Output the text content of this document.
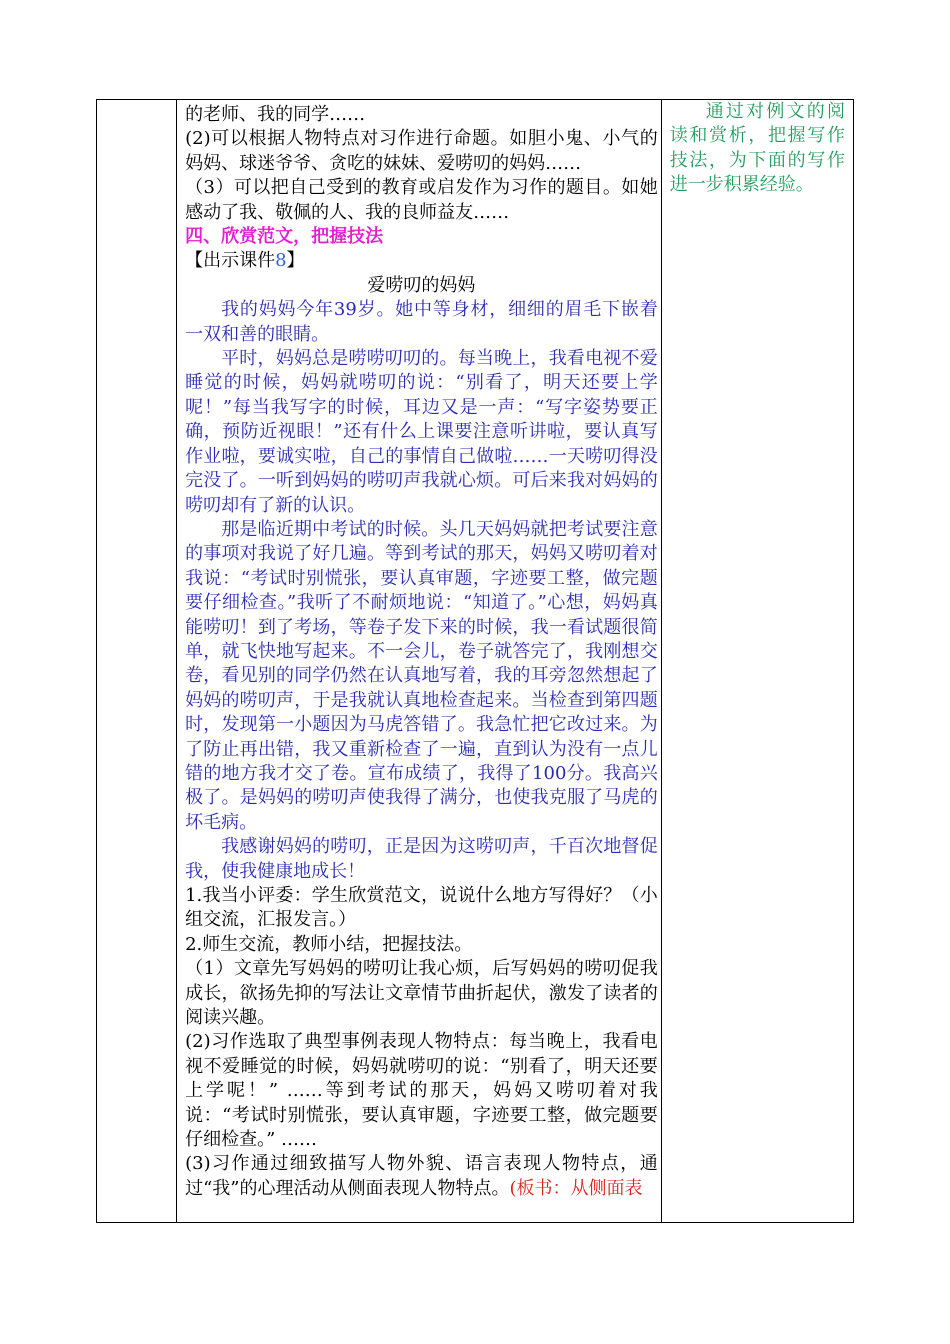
的老师、我的同学……

(2)可以根据人物特点对习作进行命题。如胆小鬼、小气的妈妈、球迷爷爷、贪吃的妹妹、爱唠叨的妈妈……

（3）可以把自己受到的教育或启发作为习作的题目。如她感动了我、敬佩的人、我的良师益友……

四、欣赏范文，把握技法

【出示课件8】

爱唠叨的妈妈

我的妈妈今年39岁。她中等身材，细细的眉毛下嵌着一双和善的眼睛。

平时，妈妈总是唠唠叨叨的。每当晚上，我看电视不爱睡觉的时候，妈妈就唠叨的说：“别看了，明天还要上学呢！”每当我写字的时候，耳边又是一声：“写字姿势要正确，预防近视眼！”还有什么上课要注意听讲啦，要认真写作业啦，要诚实啦，自己的事情自己做啦……一天唠叨得没完没了。一听到妈妈的唠叨声我就心烦。可后来我对妈妈的唠叨却有了新的认识。

那是临近期中考试的时候。头几天妈妈就把考试要注意的事项对我说了好几遍。等到考试的那天，妈妈又唠叨着对我说：“考试时别慌张，要认真审题，字迹要工整，做完题要仔细检查。”我听了不耐烦地说：“知道了。”心想，妈妈真能唠叨！到了考场，等卷子发下来的时候，我一看试题很简单，就飞快地写起来。不一会儿，卷子就答完了，我刚想交卷，看见别的同学仍然在认真地写着，我的耳旁忽然想起了妈妈的唠叨声，于是我就认真地检查起来。当检查到第四题时，发现第一小题因为马虎答错了。我急忙把它改过来。为了防止再出错，我又重新检查了一遍，直到认为没有一点儿错的地方我才交了卷。宣布成绩了，我得了100分。我高兴极了。是妈妈的唠叨声使我得了满分，也使我克服了马虎的坏毛病。

我感谢妈妈的唠叨，正是因为这唠叨声，千百次地督促我，使我健康地成长！

1.我当小评委：学生欣赏范文，说说什么地方写得好？（小组交流，汇报发言。）

2.师生交流，教师小结，把握技法。

（1）文章先写妈妈的唠叨让我心烦，后写妈妈的唠叨促我成长，欲扬先抑的写法让文章情节曲折起伏，激发了读者的阅读兴趣。

(2)习作选取了典型事例表现人物特点：每当晚上，我看电视不爱睡觉的时候，妈妈就唠叨的说：“别看了，明天还要上学呢！” ……等到考试的那天，妈妈又唠叨着对我说：“考试时别慌张，要认真审题，字迹要工整，做完题要仔细检查。” ……

(3)习作通过细致描写人物外貌、语言表现人物特点，通过“我”的心理活动从侧面表现人物特点。(板书：从侧面表

通过对例文的阅读和赏析，把握写作技法，为下面的写作进一步积累经验。
